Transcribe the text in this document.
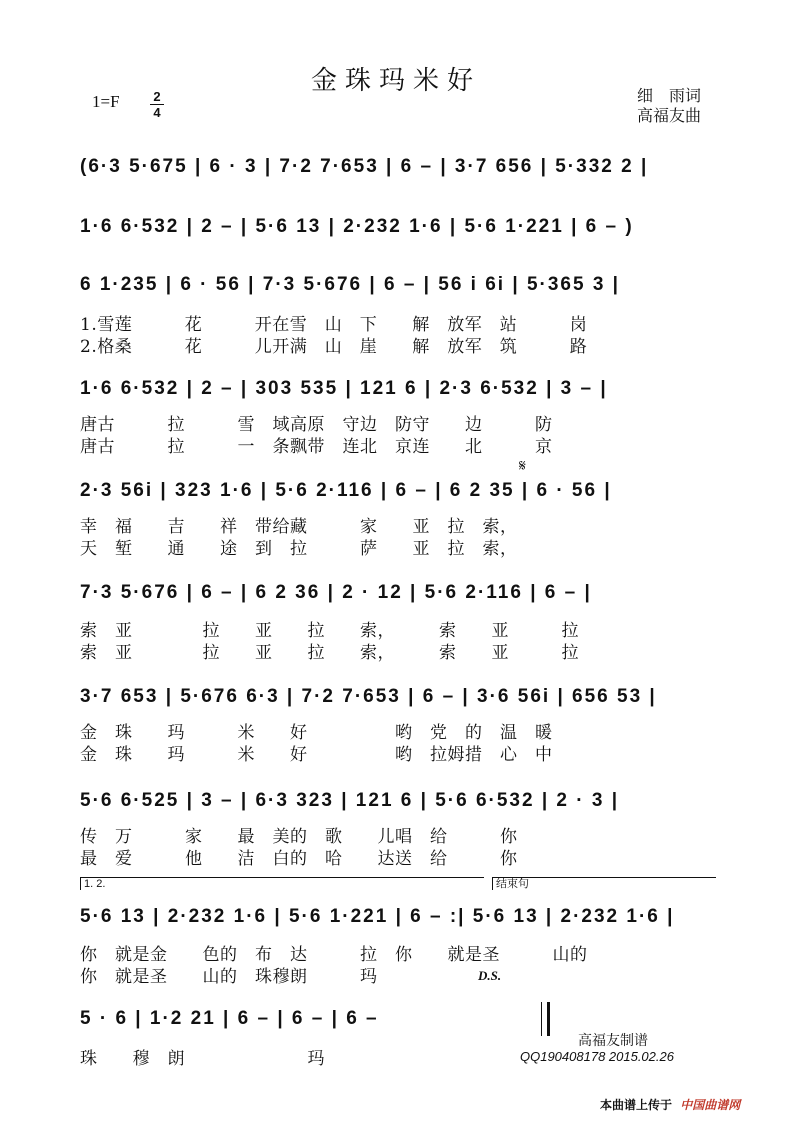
金珠玛米好
1=F	2
4
细　雨词
高福友曲
(6·3 5·675 | 6 · 3 | 7·2 7·653 | 6 – | 3·7 656 | 5·332 2 |
1·6 6·532 | 2 – | 5·6 13 | 2·232 1·6 | 5·6 1·221 | 6 – )
6 1·235 | 6 · 56 | 7·3 5·676 | 6 – | 56 i 6i | 5·365 3 |
1.雪莲　　　花　　　开在雪　山　下　　解　放军　站　　　岗
2.格桑　　　花　　　儿开满　山　崖　　解　放军　筑　　　路
1·6 6·532 | 2 – | 303 535 | 121 6 | 2·3 6·532 | 3 – |
唐古　　　拉　　　雪　域高原　守边　防守　　边　　　防
唐古　　　拉　　　一　条飘带　连北　京连　　北　　　京
𝄋
2·3 56i | 323 1·6 | 5·6 2·116 | 6 – | 6 2 35 | 6 · 56 |
幸　福　　吉　　祥　带给藏　　　家　　亚　拉　索，
天　堑　　通　　途　到　拉　　　萨　　亚　拉　索，
7·3 5·676 | 6 – | 6 2 36 | 2 · 12 | 5·6 2·116 | 6 – |
索　亚　　　　拉　　亚　　拉　　索，　　　索　　亚　　　拉
索　亚　　　　拉　　亚　　拉　　索，　　　索　　亚　　　拉
3·7 653 | 5·676 6·3 | 7·2 7·653 | 6 – | 3·6 56i | 656 53 |
金　珠　　玛　　　米　　好　　　　　哟　党　的　温　暖
金　珠　　玛　　　米　　好　　　　　哟　拉姆措　心　中
5·6 6·525 | 3 – | 6·3 323 | 121 6 | 5·6 6·532 | 2 · 3 |
传　万　　　家　　最　美的　歌　　儿唱　给　　　你
最　爱　　　他　　洁　白的　哈　　达送　给　　　你
1. 2.	结束句
5·6 13 | 2·232 1·6 | 5·6 1·221 | 6 – :| 5·6 13 | 2·232 1·6 |
你　就是金　　色的　布　达　　　拉　你　　就是圣　　　山的
你　就是圣　　山的　珠穆朗　　　玛	D.S.
5 · 6 | 1·2 21 | 6 – | 6 – | 6 –
珠　　穆　朗　　　　　　　玛
高福友制谱
QQ190408178 2015.02.26
本曲谱上传于 中国曲谱网
